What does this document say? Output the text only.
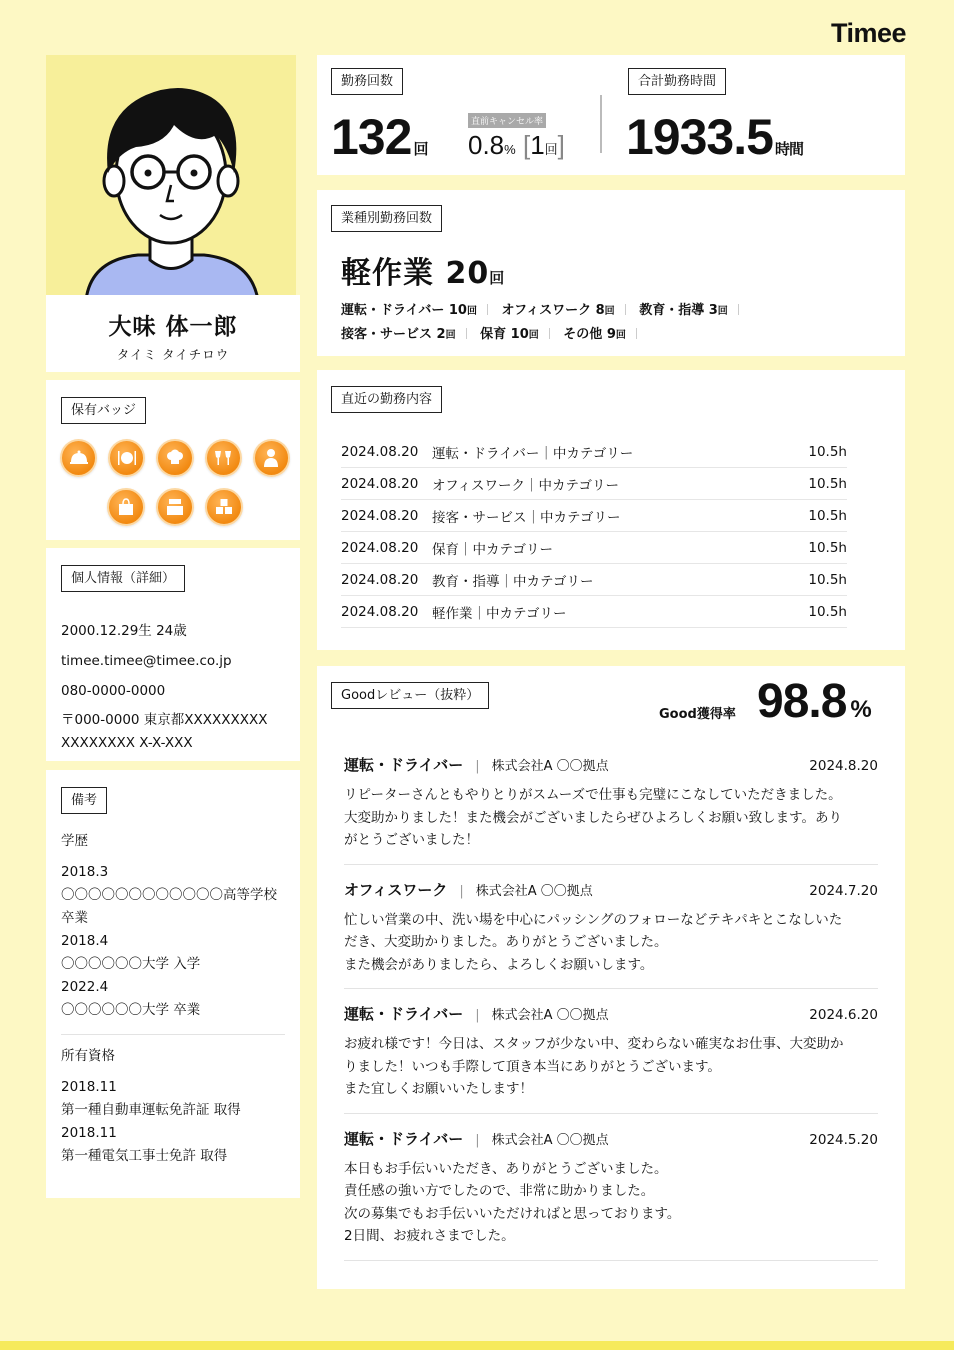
Timee
大味 体一郎
タイミ タイチロウ
保有バッジ
個人情報（詳細）
2000.12.29生 24歳
timee.timee@timee.co.jp
080-0000-0000
〒000-0000 東京都XXXXXXXXX
XXXXXXXX X-X-XXX
備考
学歴
2018.3
〇〇〇〇〇〇〇〇〇〇〇〇高等学校
卒業
2018.4
〇〇〇〇〇〇大学 入学
2022.4
〇〇〇〇〇〇大学 卒業
所有資格
2018.11
第一種自動車運転免許証 取得
2018.11
第一種電気工事士免許 取得
勤務回数
132 回
直前キャンセル率
0.8% [1回]
合計勤務時間
1933.5 時間
業種別勤務回数
軽作業 20回
運転・ドライバー 10回 オフィスワーク 8回 教育・指導 3回 接客・サービス 2回 保育 10回 その他 9回
直近の勤務内容
2024.08.20	運転・ドライバー｜中カテゴリー	10.5h
2024.08.20	オフィスワーク｜中カテゴリー	10.5h
2024.08.20	接客・サービス｜中カテゴリー	10.5h
2024.08.20	保育｜中カテゴリー	10.5h
2024.08.20	教育・指導｜中カテゴリー	10.5h
2024.08.20	軽作業｜中カテゴリー	10.5h
Goodレビュー（抜粋）
Good獲得率 98.8 %
運転・ドライバー | 株式会社A 〇〇拠点	2024.8.20
リピーターさんともやりとりがスムーズで仕事も完璧にこなしていただきました。
大変助かりました！また機会がございましたらぜひよろしくお願い致します。あり
がとうございました！
オフィスワーク | 株式会社A 〇〇拠点	2024.7.20
忙しい営業の中、洗い場を中心にパッシングのフォローなどテキパキとこなしいた
だき、大変助かりました。ありがとうございました。
また機会がありましたら、よろしくお願いします。
運転・ドライバー | 株式会社A 〇〇拠点	2024.6.20
お疲れ様です！今日は、スタッフが少ない中、変わらない確実なお仕事、大変助か
りました！いつも手際して頂き本当にありがとうございます。
また宜しくお願いいたします！
運転・ドライバー | 株式会社A 〇〇拠点	2024.5.20
本日もお手伝いいただき、ありがとうございました。
責任感の強い方でしたので、非常に助かりました。
次の募集でもお手伝いいただければと思っております。
2日間、お疲れさまでした。
